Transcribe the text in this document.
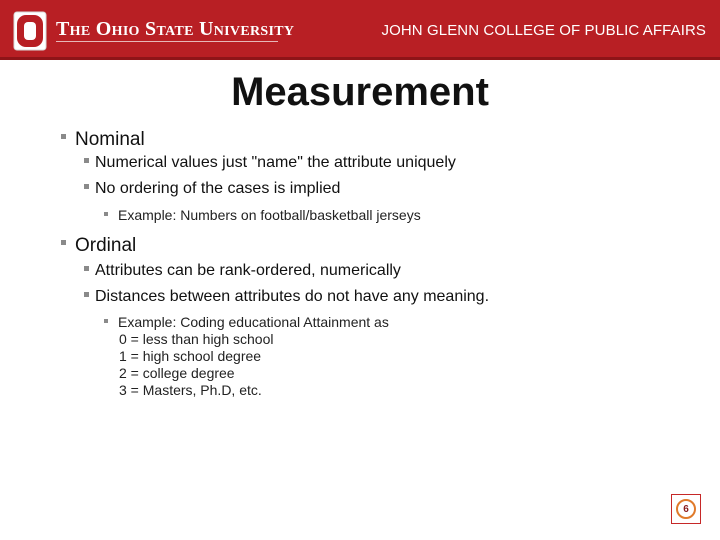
The Ohio State University	JOHN GLENN COLLEGE OF PUBLIC AFFAIRS
Measurement
Nominal
Numerical values just "name" the attribute uniquely
No ordering of the cases is implied
Example: Numbers on football/basketball jerseys
Ordinal
Attributes can be rank-ordered, numerically
Distances between attributes do not have any meaning.
Example: Coding educational Attainment as
0 = less than high school
1 = high school degree
2 = college degree
3 = Masters, Ph.D, etc.
6
